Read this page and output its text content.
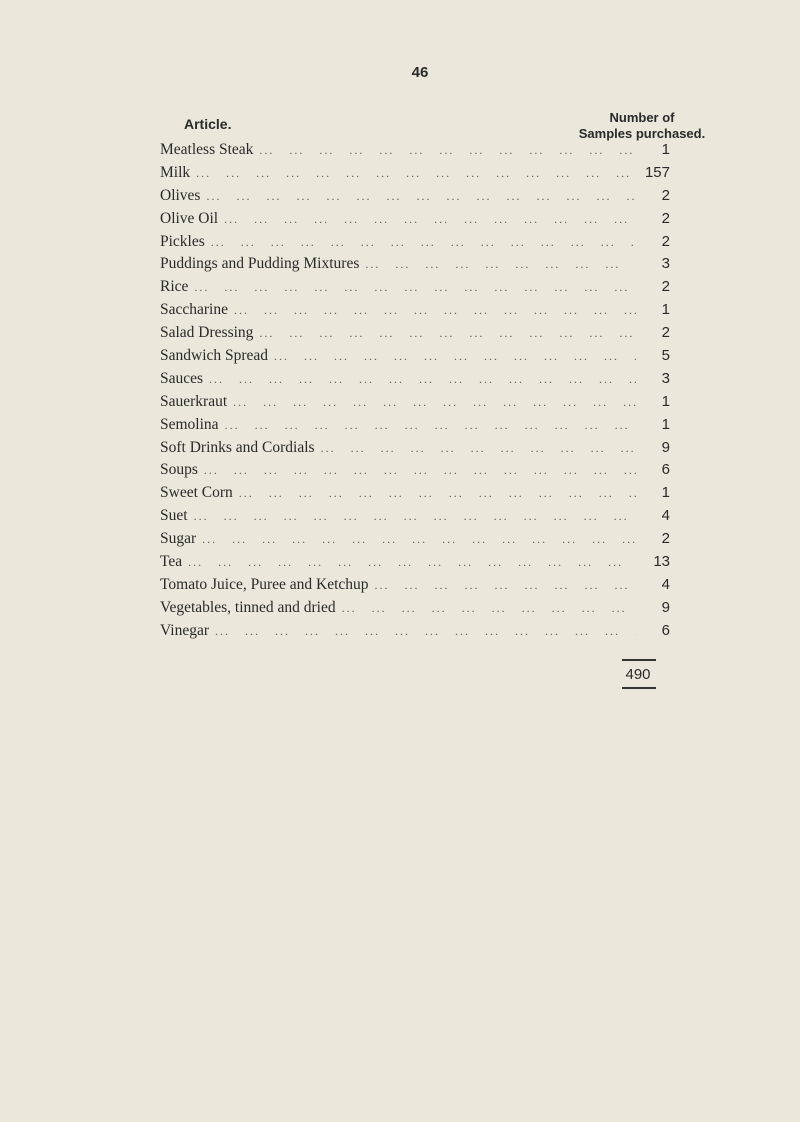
46
Article.	Number of
Samples purchased.
Meatless Steak ...	1
Milk ...	157
Olives ...	2
Olive Oil ...	2
Pickles ...	2
Puddings and Pudding Mixtures ...	3
Rice ...	2
Saccharine ...	1
Salad Dressing ...	2
Sandwich Spread ...	5
Sauces ...	3
Sauerkraut ...	1
Semolina ...	1
Soft Drinks and Cordials ...	9
Soups ...	6
Sweet Corn ...	1
Suet ...	4
Sugar ...	2
Tea ...	13
Tomato Juice, Puree and Ketchup ...	4
Vegetables, tinned and dried ...	9
Vinegar ...	6
490
